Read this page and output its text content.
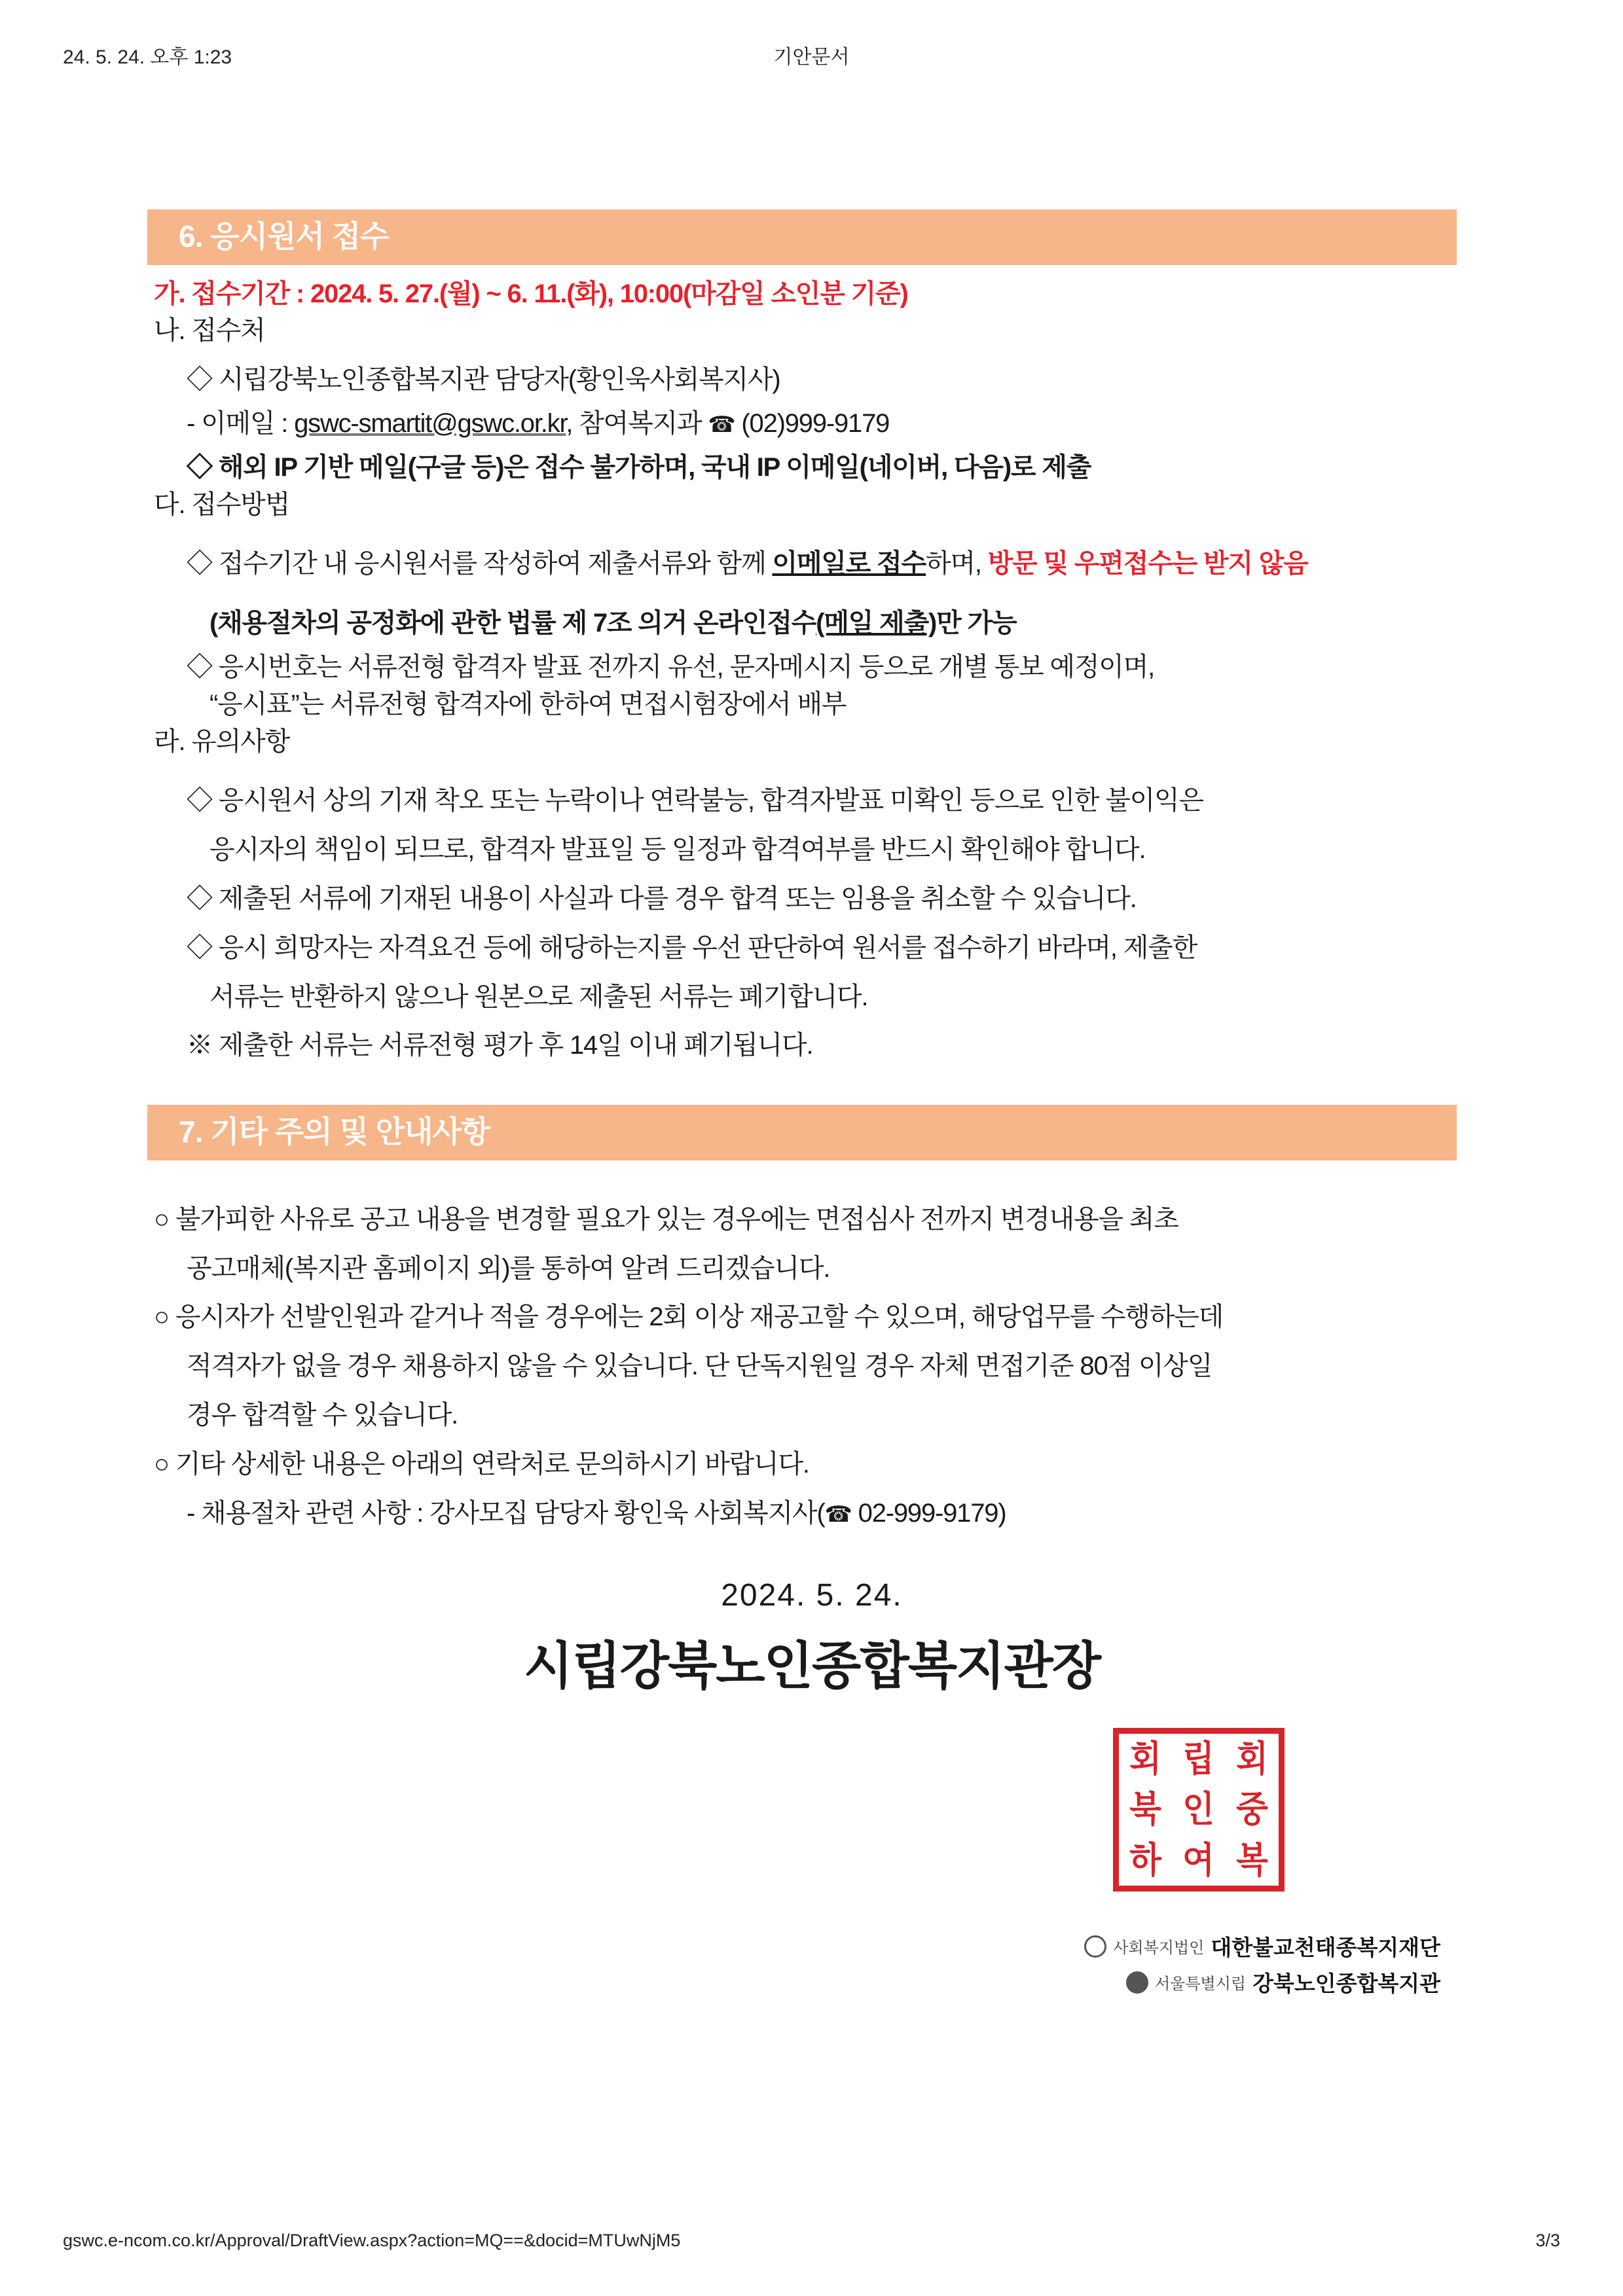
24. 5. 24. 오후 1:23	기안문서
6. 응시원서 접수
가. 접수기간 : 2024. 5. 27.(월) ~ 6. 11.(화), 10:00(마감일 소인분 기준)
나. 접수처
◇ 시립강북노인종합복지관 담당자(황인욱사회복지사)
- 이메일 : gswc-smartit@gswc.or.kr, 참여복지과 ☎ (02)999-9179
◇ 해외 IP 기반 메일(구글 등)은 접수 불가하며, 국내 IP 이메일(네이버, 다음)로 제출
다. 접수방법
◇ 접수기간 내 응시원서를 작성하여 제출서류와 함께 이메일로 접수하며, 방문 및 우편접수는 받지 않음
(채용절차의 공정화에 관한 법률 제 7조 의거 온라인접수(메일 제출)만 가능
◇ 응시번호는 서류전형 합격자 발표 전까지 유선, 문자메시지 등으로 개별 통보 예정이며,
“응시표”는 서류전형 합격자에 한하여 면접시험장에서 배부
라. 유의사항
◇ 응시원서 상의 기재 착오 또는 누락이나 연락불능, 합격자발표 미확인 등으로 인한 불이익은
응시자의 책임이 되므로, 합격자 발표일 등 일정과 합격여부를 반드시 확인해야 합니다.
◇ 제출된 서류에 기재된 내용이 사실과 다를 경우 합격 또는 임용을 취소할 수 있습니다.
◇ 응시 희망자는 자격요건 등에 해당하는지를 우선 판단하여 원서를 접수하기 바라며, 제출한
서류는 반환하지 않으나 원본으로 제출된 서류는 폐기합니다.
※ 제출한 서류는 서류전형 평가 후 14일 이내 폐기됩니다.
7. 기타 주의 및 안내사항
○ 불가피한 사유로 공고 내용을 변경할 필요가 있는 경우에는 면접심사 전까지 변경내용을 최초
공고매체(복지관 홈페이지 외)를 통하여 알려 드리겠습니다.
○ 응시자가 선발인원과 같거나 적을 경우에는 2회 이상 재공고할 수 있으며, 해당업무를 수행하는데
적격자가 없을 경우 채용하지 않을 수 있습니다. 단 단독지원일 경우 자체 면접기준 80점 이상일
경우 합격할 수 있습니다.
○ 기타 상세한 내용은 아래의 연락처로 문의하시기 바랍니다.
- 채용절차 관련 사항 : 강사모집 담당자 황인욱 사회복지사(☎ 02-999-9179)
2024. 5. 24.
시립강북노인종합복지관장
회 립 회
북 인 중
하 여 복
사회복지법인 대한불교천태종복지재단
서울특별시립 강북노인종합복지관
gswc.e-ncom.co.kr/Approval/DraftView.aspx?action=MQ==&docid=MTUwNjM5	3/3
